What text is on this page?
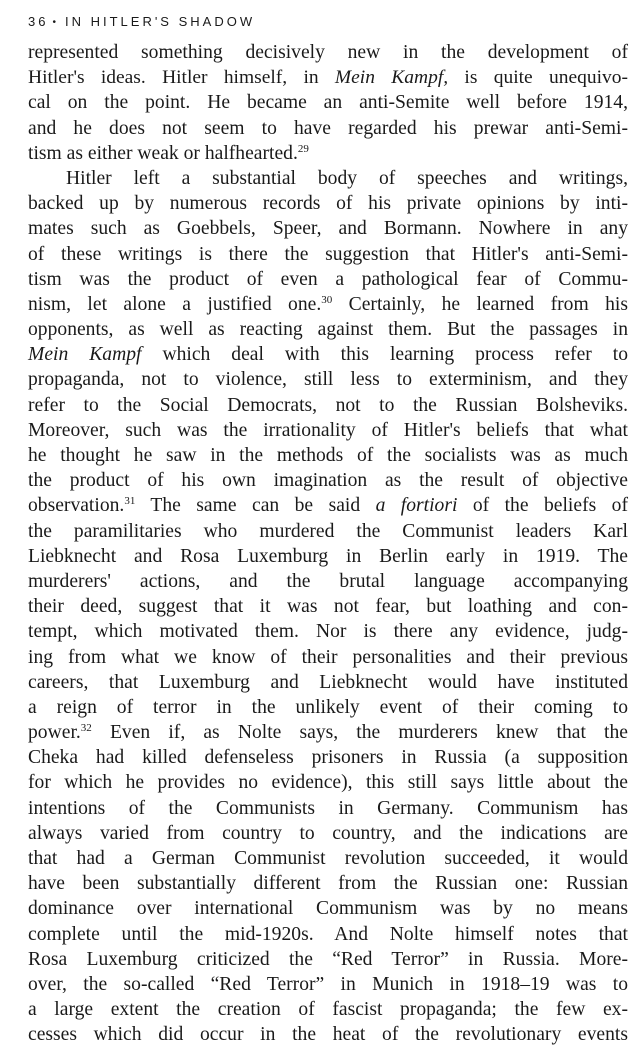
36 • IN HITLER'S SHADOW
represented something decisively new in the development of
Hitler's ideas. Hitler himself, in Mein Kampf, is quite unequivo-
cal on the point. He became an anti-Semite well before 1914,
and he does not seem to have regarded his prewar anti-Semi-
tism as either weak or halfhearted.$^{29}$
Hitler left a substantial body of speeches and writings,
backed up by numerous records of his private opinions by inti-
mates such as Goebbels, Speer, and Bormann. Nowhere in any
of these writings is there the suggestion that Hitler's anti-Semi-
tism was the product of even a pathological fear of Commu-
nism, let alone a justified one.$^{30}$ Certainly, he learned from his
opponents, as well as reacting against them. But the passages in
Mein Kampf which deal with this learning process refer to
propaganda, not to violence, still less to exterminism, and they
refer to the Social Democrats, not to the Russian Bolsheviks.
Moreover, such was the irrationality of Hitler's beliefs that what
he thought he saw in the methods of the socialists was as much
the product of his own imagination as the result of objective
observation.$^{31}$ The same can be said a fortiori of the beliefs of
the paramilitaries who murdered the Communist leaders Karl
Liebknecht and Rosa Luxemburg in Berlin early in 1919. The
murderers' actions, and the brutal language accompanying
their deed, suggest that it was not fear, but loathing and con-
tempt, which motivated them. Nor is there any evidence, judg-
ing from what we know of their personalities and their previous
careers, that Luxemburg and Liebknecht would have instituted
a reign of terror in the unlikely event of their coming to
power.$^{32}$ Even if, as Nolte says, the murderers knew that the
Cheka had killed defenseless prisoners in Russia (a supposition
for which he provides no evidence), this still says little about the
intentions of the Communists in Germany. Communism has
always varied from country to country, and the indications are
that had a German Communist revolution succeeded, it would
have been substantially different from the Russian one: Russian
dominance over international Communism was by no means
complete until the mid-1920s. And Nolte himself notes that
Rosa Luxemburg criticized the “Red Terror” in Russia. More-
over, the so-called “Red Terror” in Munich in 1918–19 was to
a large extent the creation of fascist propaganda; the few ex-
cesses which did occur in the heat of the revolutionary events
